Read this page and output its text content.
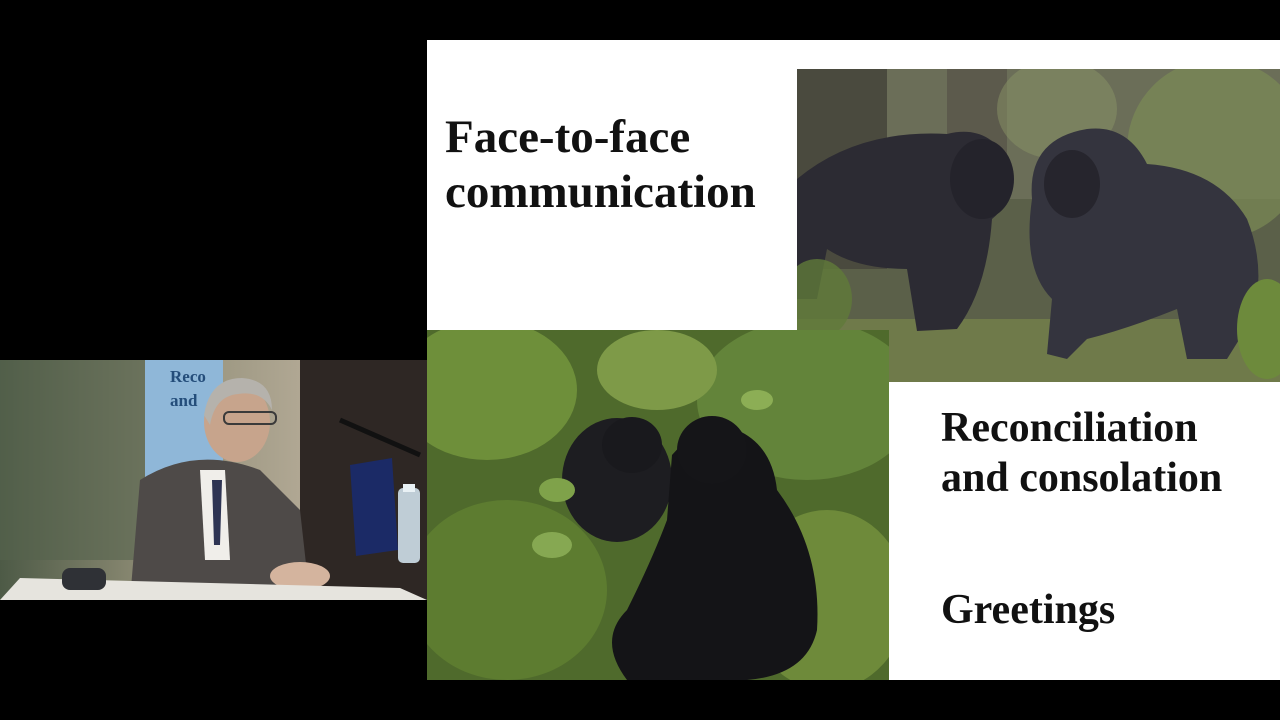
Reco
and
Face-to-face
communication
Reconciliation
and consolation
Greetings
